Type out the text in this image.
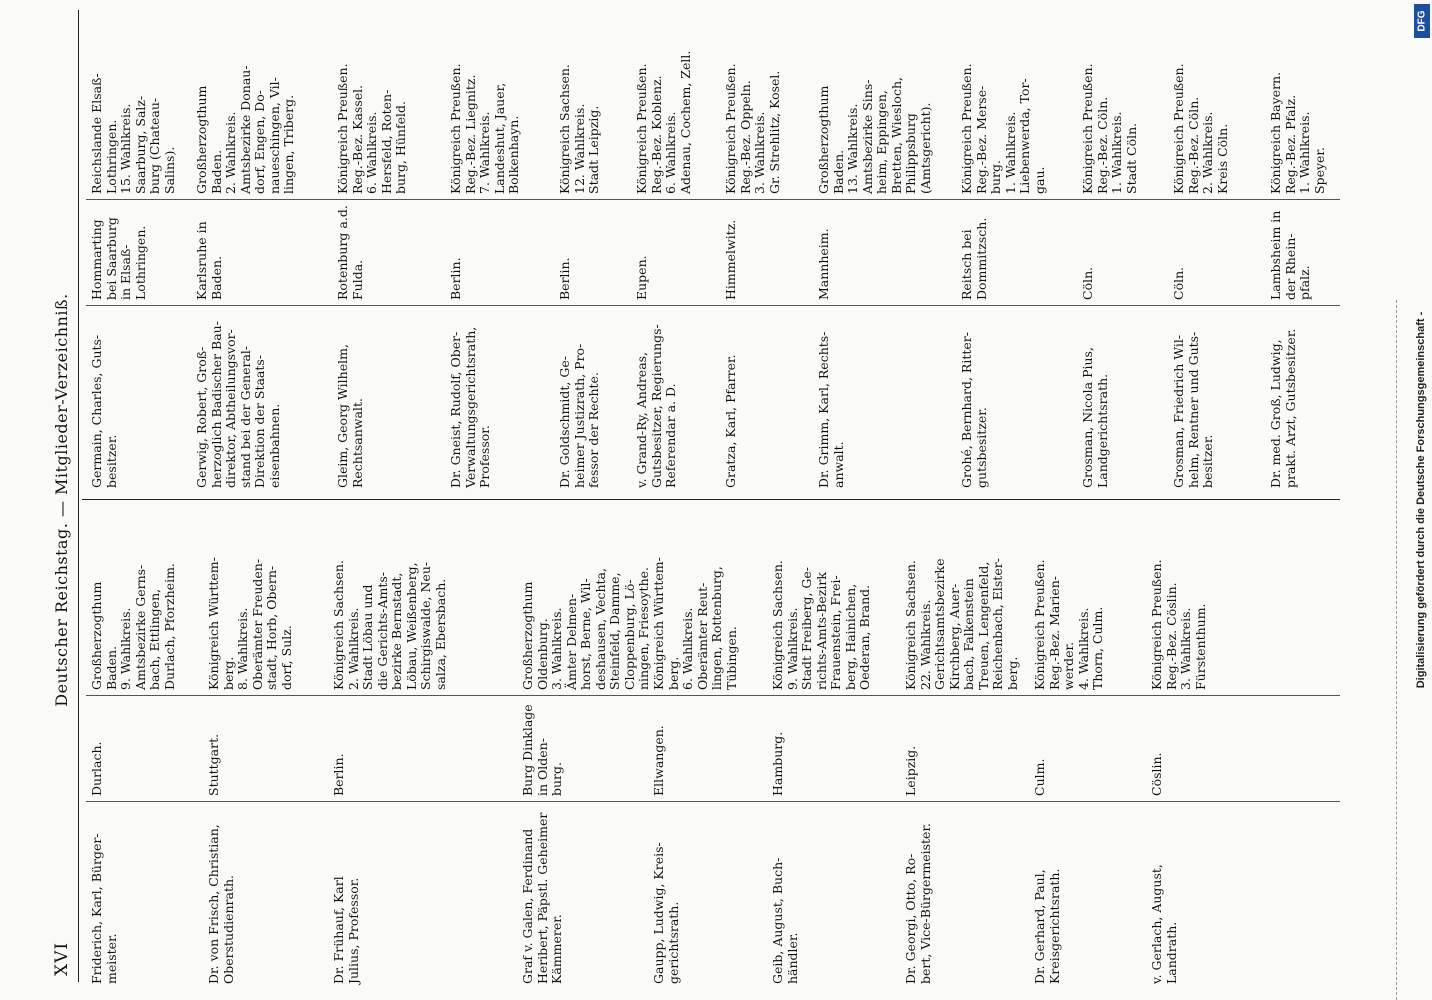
XVI
Deutscher Reichstag. — Mitglieder-Verzeichniß.
Friderich, Karl, Bürger-
meister.
Durlach.
Großherzogthum
Baden.
9. Wahlkreis.
Amtsbezirke Gerns-
bach, Ettlingen,
Durlach, Pforzheim.
Dr. von Frisch, Christian,
Oberstudienrath.
Stuttgart.
Königreich Württem-
berg.
8. Wahlkreis.
Oberämter Freuden-
stadt, Horb, Obern-
dorf, Sulz.
Dr. Frühauf, Karl
Julius, Professor.
Berlin.
Königreich Sachsen.
2. Wahlkreis.
Stadt Löbau und
die Gerichts-Amts-
bezirke Bernstadt,
Löbau, Weißenberg,
Schirgiswalde, Neu-
salza, Ebersbach.
Graf v. Galen, Ferdinand
Heribert, Päpstl. Geheimer
Kämmerer.
Burg Dinklage
in Olden-
burg.
Großherzogthum
Oldenburg.
3. Wahlkreis.
Ämter Delmen-
horst, Berne, Wil-
deshausen, Vechta,
Steinfeld, Damme,
Cloppenburg, Lö-
ningen, Friesoythe.
Gaupp, Ludwig, Kreis-
gerichtsrath.
Ellwangen.
Königreich Württem-
berg.
6. Wahlkreis.
Oberämter Reut-
lingen, Rottenburg,
Tübingen.
Geib, August, Buch-
händler.
Hamburg.
Königreich Sachsen.
9. Wahlkreis.
Stadt Freiberg, Ge-
richts-Amts-Bezirk
Frauenstein, Frei-
berg, Hainichen,
Oederan, Brand.
Dr. Georgi, Otto, Ro-
bert, Vice-Bürgermeister.
Leipzig.
Königreich Sachsen.
22. Wahlkreis.
Gerichtsamtsbezirke
Kirchberg, Auer-
bach, Falkenstein
Treuen, Lengenfeld,
Reichenbach, Elster-
berg.
Dr. Gerhard, Paul,
Kreisgerichtsrath.
Culm.
Königreich Preußen.
Reg.-Bez. Marien-
werder.
4. Wahlkreis.
Thorn, Culm.
v. Gerlach, August,
Landrath.
Cöslin.
Königreich Preußen.
Reg.-Bez. Cöslin.
3. Wahlkreis.
Fürstenthum.
Germain, Charles, Guts-
besitzer.
Hommarting
bei Saarburg
in Elsaß-
Lothringen.
Reichslande Elsaß-
Lothringen.
15. Wahlkreis.
Saarburg, Salz-
burg (Chateau-
Salins).
Gerwig, Robert, Groß-
herzoglich Badischer Bau-
direktor, Abtheilungsvor-
stand bei der General-
Direktion der Staats-
eisenbahnen.
Karlsruhe in
Baden.
Großherzogthum
Baden.
2. Wahlkreis.
Amtsbezirke Donau-
dorf, Engen, Do-
naueschingen, Vil-
lingen, Triberg.
Gleim, Georg Wilhelm,
Rechtsanwalt.
Rotenburg a.d.
Fulda.
Königreich Preußen.
Reg.-Bez. Kassel.
6. Wahlkreis.
Hersfeld, Roten-
burg, Hünfeld.
Dr. Gneist, Rudolf, Ober-
Verwaltungsgerichtsrath,
Professor.
Berlin.
Königreich Preußen.
Reg.-Bez. Liegnitz.
7. Wahlkreis.
Landeshut, Jauer,
Bolkenhayn.
Dr. Goldschmidt, Ge-
heimer Justizrath, Pro-
fessor der Rechte.
Berlin.
Königreich Sachsen.
12. Wahlkreis.
Stadt Leipzig.
v. Grand-Ry, Andreas,
Gutsbesitzer, Regierungs-
Referendar a. D.
Eupen.
Königreich Preußen.
Reg.-Bez. Koblenz.
6. Wahlkreis.
Adenau, Cochem, Zell.
Gratza, Karl, Pfarrer.
Himmelwitz.
Königreich Preußen.
Reg.-Bez. Oppeln.
3. Wahlkreis.
Gr. Strehlitz, Kosel.
Dr. Grimm, Karl, Rechts-
anwalt.
Mannheim.
Großherzogthum
Baden.
13. Wahlkreis.
Amtsbezirke Sins-
heim, Eppingen,
Bretten, Wiesloch,
Philippsburg
(Amtsgericht).
Grohé, Bernhard, Ritter-
gutsbesitzer.
Reitsch bei
Dommitzsch.
Königreich Preußen.
Reg.-Bez. Merse-
burg.
1. Wahlkreis.
Liebenwerda, Tor-
gau.
Grosman, Nicola Pius,
Landgerichtsrath.
Cöln.
Königreich Preußen.
Reg.-Bez. Cöln.
1. Wahlkreis.
Stadt Cöln.
Grosman, Friedrich Wil-
helm, Rentner und Guts-
besitzer.
Cöln.
Königreich Preußen.
Reg.-Bez. Cöln.
2. Wahlkreis.
Kreis Cöln.
Dr. med. Groß, Ludwig,
prakt. Arzt, Gutsbesitzer.
Lambsheim in
der Rhein-
pfalz.
Königreich Bayern.
Reg.-Bez. Pfalz.
1. Wahlkreis.
Speyer.
DFG
Digitalisierung gefördert durch die Deutsche Forschungsgemeinschaft -
